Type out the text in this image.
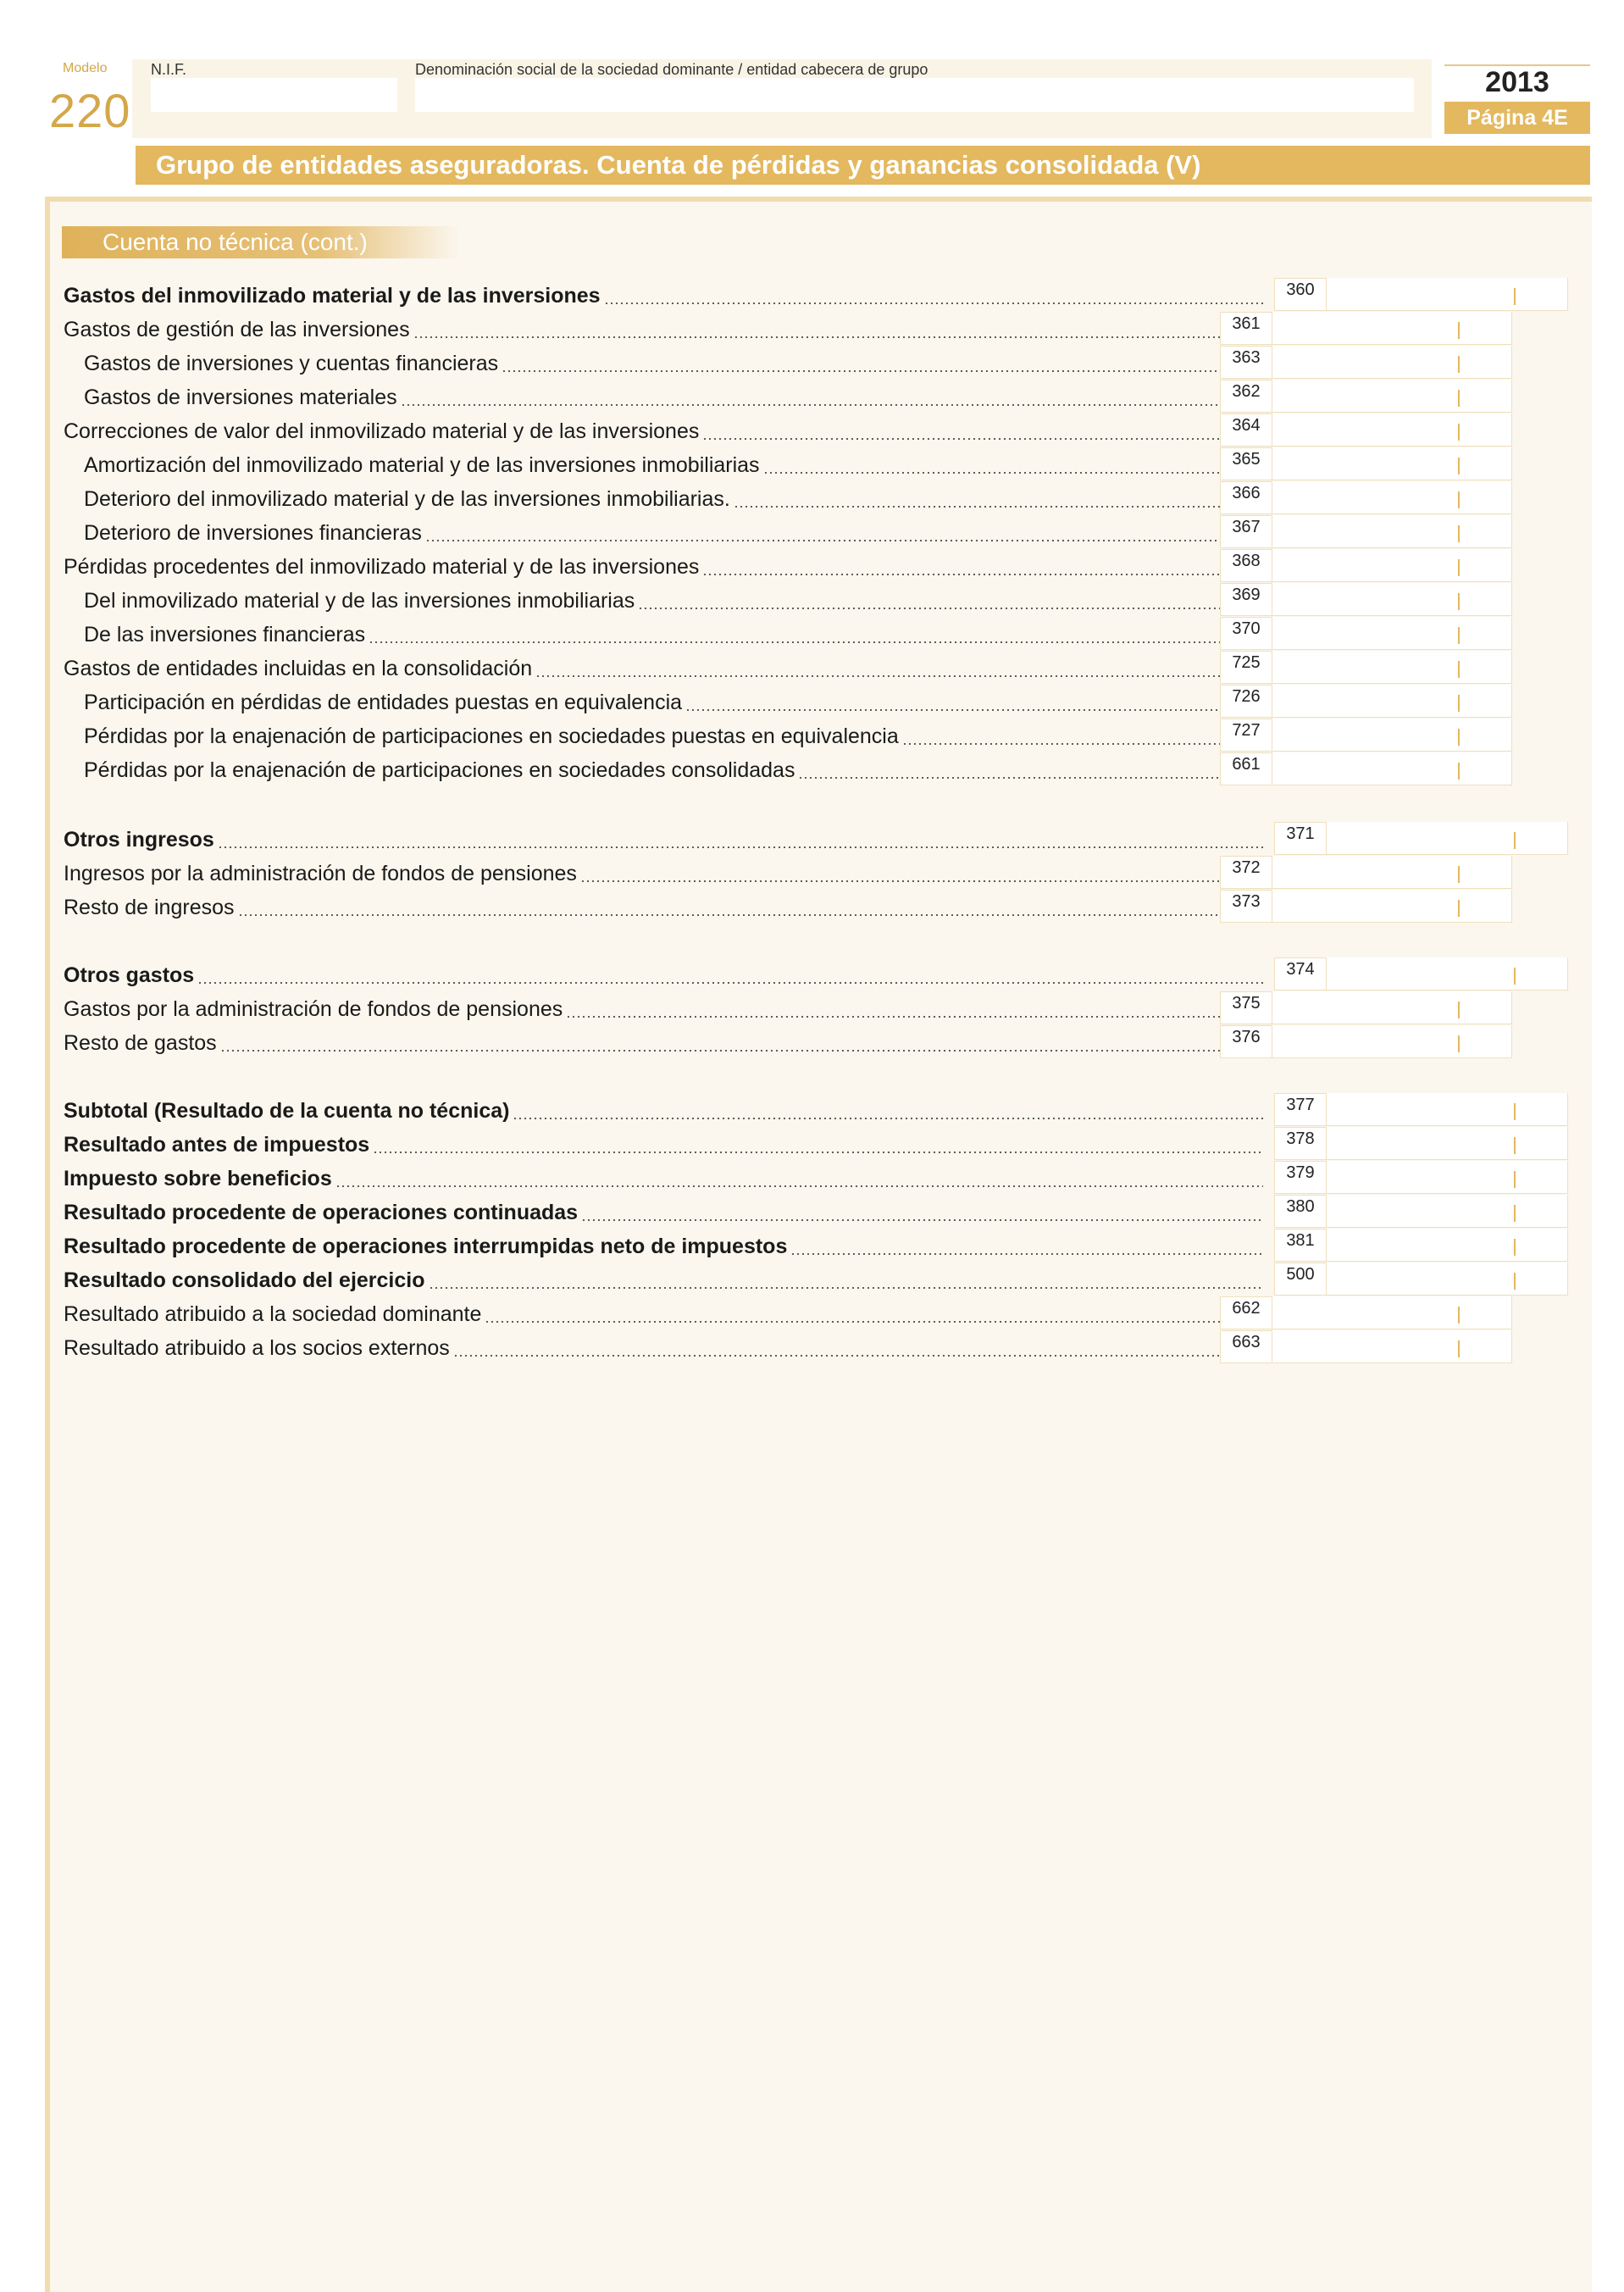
Modelo
220
N.I.F.	Denominación social de la sociedad dominante / entidad cabecera de grupo	2013
Página 4E
Grupo de entidades aseguradoras. Cuenta de pérdidas y ganancias consolidada (V)
Cuenta no técnica (cont.)
Gastos del inmovilizado material y de las inversiones	360
Gastos de gestión de las inversiones	361
Gastos de inversiones y cuentas financieras	363
Gastos de inversiones materiales	362
Correcciones de valor del inmovilizado material y de las inversiones	364
Amortización del inmovilizado material y de las inversiones inmobiliarias	365
Deterioro del inmovilizado material y de las inversiones inmobiliarias.	366
Deterioro de inversiones financieras	367
Pérdidas procedentes del inmovilizado material y de las inversiones	368
Del inmovilizado material y de las inversiones inmobiliarias	369
De las inversiones financieras	370
Gastos de entidades incluidas en la consolidación	725
Participación en pérdidas de entidades puestas en equivalencia	726
Pérdidas por la enajenación de participaciones en sociedades puestas en equivalencia	727
Pérdidas por la enajenación de participaciones en sociedades consolidadas	661
Otros ingresos	371
Ingresos por la administración de fondos de pensiones	372
Resto de ingresos	373
Otros gastos	374
Gastos por la administración de fondos de pensiones	375
Resto de gastos	376
Subtotal (Resultado de la cuenta no técnica)	377
Resultado antes de impuestos	378
Impuesto sobre beneficios	379
Resultado procedente de operaciones continuadas	380
Resultado procedente de operaciones interrumpidas neto de impuestos	381
Resultado consolidado del ejercicio	500
Resultado atribuido a la sociedad dominante	662
Resultado atribuido a los socios externos	663
